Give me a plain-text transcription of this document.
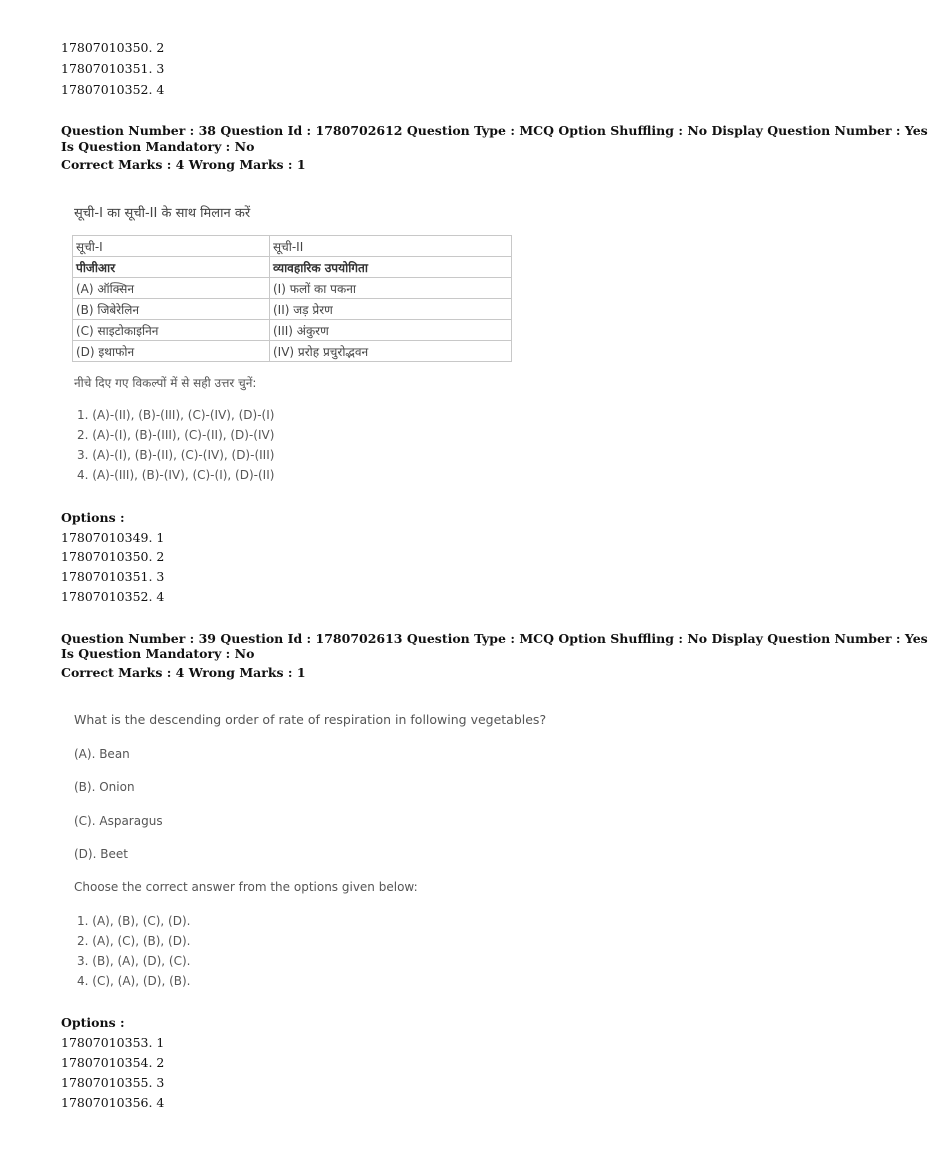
17807010350. 2
17807010351. 3
17807010352. 4
Question Number : 38 Question Id : 1780702612 Question Type : MCQ Option Shuffling : No Display Question Number : Yes
Is Question Mandatory : No
Correct Marks : 4 Wrong Marks : 1
सूची-I का सूची-II के साथ मिलान करें
सूची-I	सूची-II
पीजीआर	व्यावहारिक उपयोगिता
(A) ऑक्सिन	(I) फलों का पकना
(B) जिबेरेलिन	(II) जड़ प्रेरण
(C) साइटोकाइनिन	(III) अंकुरण
(D) इथाफोन	(IV) प्ररोह प्रचुरोद्भवन
नीचे दिए गए विकल्पों में से सही उत्तर चुनें:
1. (A)-(II), (B)-(III), (C)-(IV), (D)-(I)
2. (A)-(I), (B)-(III), (C)-(II), (D)-(IV)
3. (A)-(I), (B)-(II), (C)-(IV), (D)-(III)
4. (A)-(III), (B)-(IV), (C)-(I), (D)-(II)
Options :
17807010349. 1
17807010350. 2
17807010351. 3
17807010352. 4
Question Number : 39 Question Id : 1780702613 Question Type : MCQ Option Shuffling : No Display Question Number : Yes
Is Question Mandatory : No
Correct Marks : 4 Wrong Marks : 1
What is the descending order of rate of respiration in following vegetables?
(A). Bean
(B). Onion
(C). Asparagus
(D). Beet
Choose the correct answer from the options given below:
1. (A), (B), (C), (D).
2. (A), (C), (B), (D).
3. (B), (A), (D), (C).
4. (C), (A), (D), (B).
Options :
17807010353. 1
17807010354. 2
17807010355. 3
17807010356. 4
